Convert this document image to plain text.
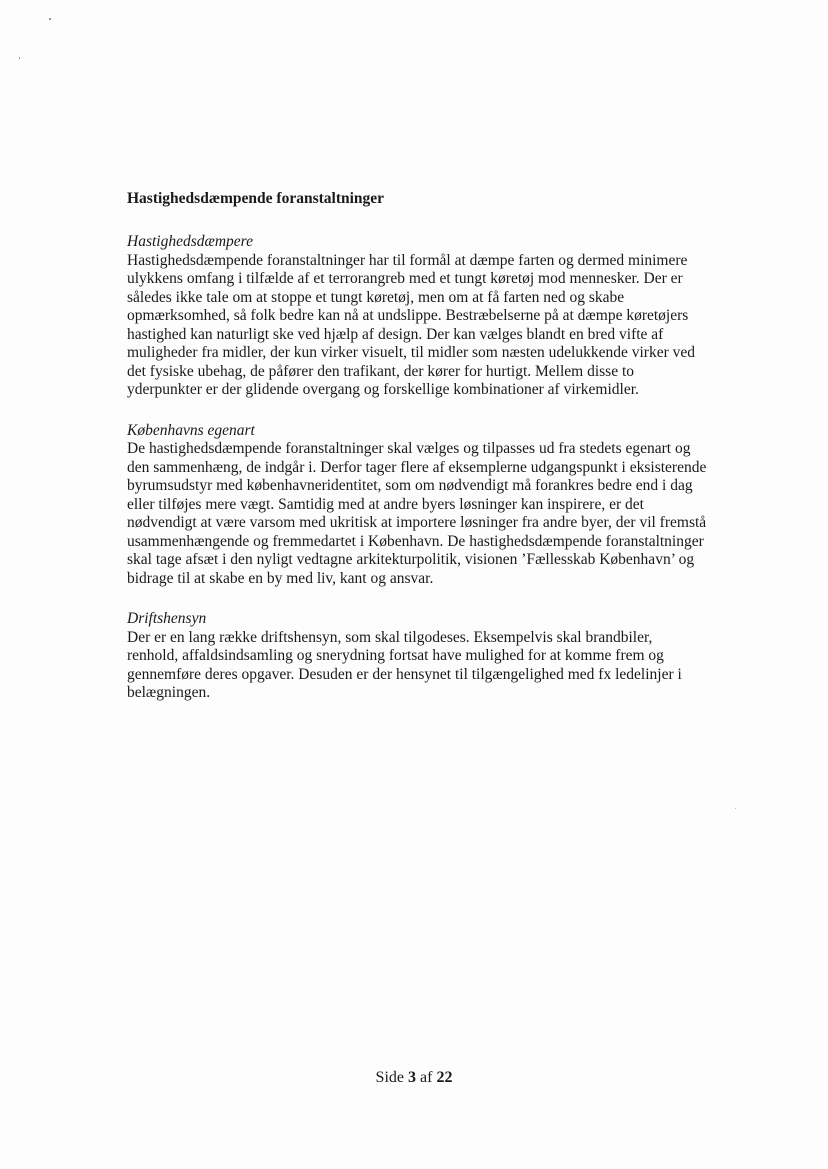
Hastighedsdæmpende foranstaltninger
Hastighedsdæmpere

Hastighedsdæmpende foranstaltninger har til formål at dæmpe farten og dermed minimere ulykkens omfang i tilfælde af et terrorangreb med et tungt køretøj mod mennesker. Der er således ikke tale om at stoppe et tungt køretøj, men om at få farten ned og skabe opmærksomhed, så folk bedre kan nå at undslippe. Bestræbelserne på at dæmpe køretøjers hastighed kan naturligt ske ved hjælp af design. Der kan vælges blandt en bred vifte af muligheder fra midler, der kun virker visuelt, til midler som næsten udelukkende virker ved det fysiske ubehag, de påfører den trafikant, der kører for hurtigt. Mellem disse to yderpunkter er der glidende overgang og forskellige kombinationer af virkemidler.

Københavns egenart

De hastighedsdæmpende foranstaltninger skal vælges og tilpasses ud fra stedets egenart og den sammenhæng, de indgår i. Derfor tager flere af eksemplerne udgangspunkt i eksisterende byrumsudstyr med københavneridentitet, som om nødvendigt må forankres bedre end i dag eller tilføjes mere vægt. Samtidig med at andre byers løsninger kan inspirere, er det nødvendigt at være varsom med ukritisk at importere løsninger fra andre byer, der vil fremstå usammenhængende og fremmedartet i København. De hastighedsdæmpende foranstaltninger skal tage afsæt i den nyligt vedtagne arkitekturpolitik, visionen ’Fællesskab København’ og bidrage til at skabe en by med liv, kant og ansvar.

Driftshensyn

Der er en lang række driftshensyn, som skal tilgodeses. Eksempelvis skal brandbiler, renhold, affaldsindsamling og snerydning fortsat have mulighed for at komme frem og gennemføre deres opgaver. Desuden er der hensynet til tilgængelighed med fx ledelinjer i belægningen.

Side 3 af 22
